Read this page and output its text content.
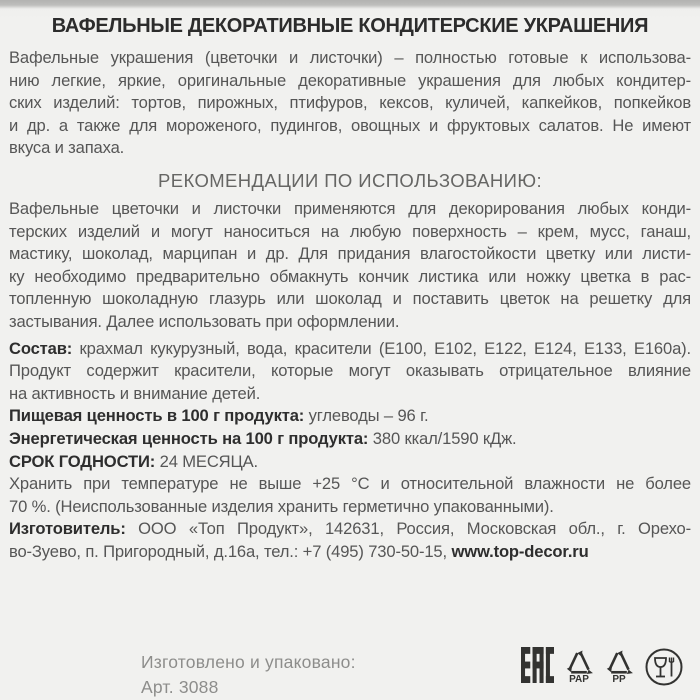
ВАФЕЛЬНЫЕ ДЕКОРАТИВНЫЕ КОНДИТЕРСКИЕ УКРАШЕНИЯ
Вафельные украшения (цветочки и листочки) – полностью готовые к использова-
нию легкие, яркие, оригинальные декоративные украшения для любых кондитер-
ских изделий: тортов, пирожных, птифуров, кексов, куличей, капкейков, попкейков
и др. а также для мороженого, пудингов, овощных и фруктовых салатов. Не имеют
вкуса и запаха.
РЕКОМЕНДАЦИИ ПО ИСПОЛЬЗОВАНИЮ:
Вафельные цветочки и листочки применяются для декорирования любых конди-
терских изделий и могут наноситься на любую поверхность – крем, мусс, ганаш,
мастику, шоколад, марципан и др. Для придания влагостойкости цветку или листи-
ку необходимо предварительно обмакнуть кончик листика или ножку цветка в рас-
топленную шоколадную глазурь или шоколад и поставить цветок на решетку для
застывания. Далее использовать при оформлении.
Состав: крахмал кукурузный, вода, красители (Е100, Е102, Е122, Е124, Е133, Е160а).
Продукт содержит красители, которые могут оказывать отрицательное влияние
на активность и внимание детей.
Пищевая ценность в 100 г продукта: углеводы – 96 г.
Энергетическая ценность на 100 г продукта: 380 ккал/1590 кДж.
СРОК ГОДНОСТИ: 24 МЕСЯЦА.
Хранить при температуре не выше +25 °С и относительной влажности не более
70 %. (Неиспользованные изделия хранить герметично упакованными).
Изготовитель: ООО «Топ Продукт», 142631, Россия, Московская обл., г. Орехо-
во-Зуево, п. Пригородный, д.16а, тел.: +7 (495) 730-50-15, www.top-decor.ru
Изготовлено и упаковано:
Арт. 3088	PAP PP
